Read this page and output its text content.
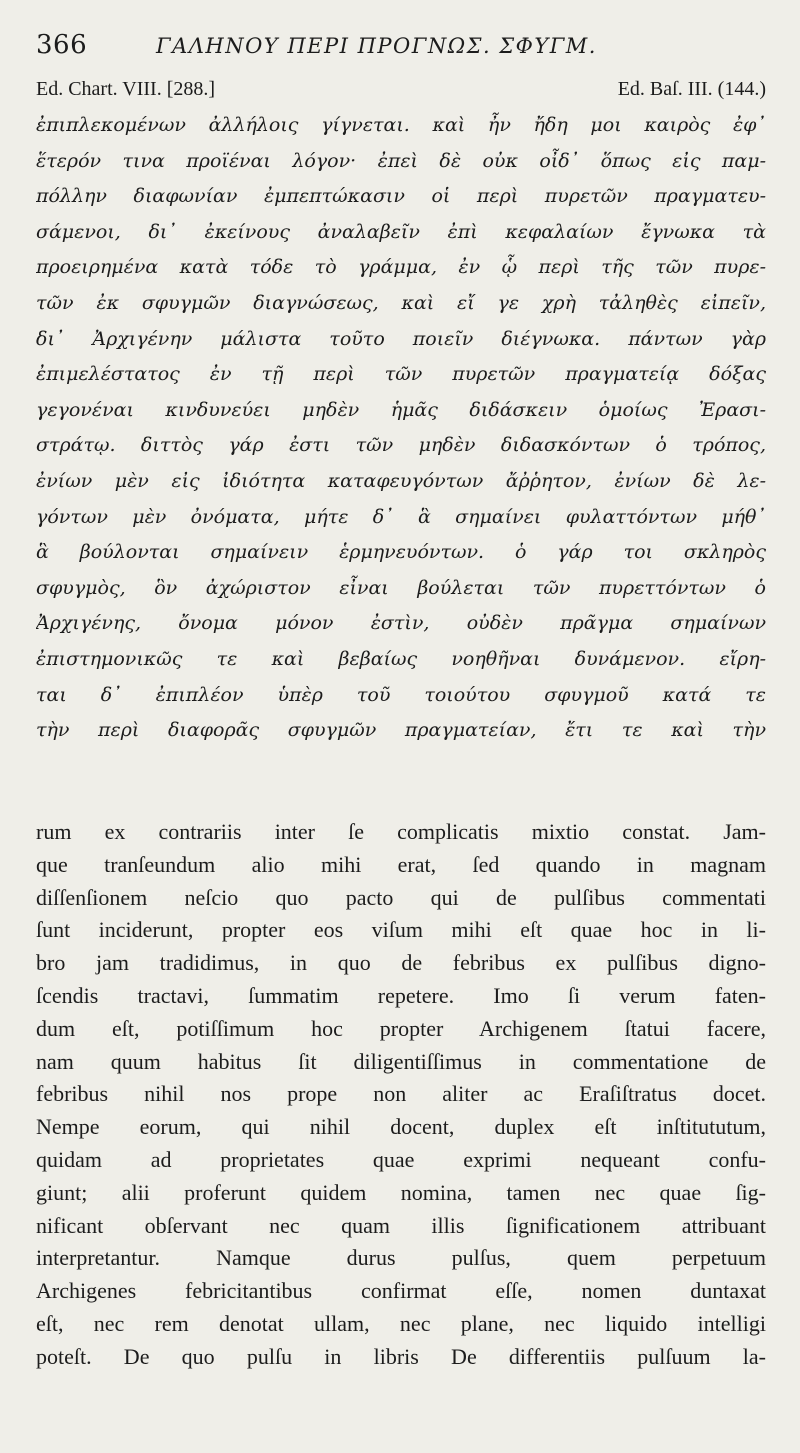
366	ΓΑΛΗΝΟΥ ΠΕΡΙ ΠΡΟΓΝΩΣ. ΣΦΥΓΜ.
Ed. Chart. VIII. [288.]	Ed. Baſ. III. (144.)
ἐπιπλεκομένων ἀλλήλοις γίγνεται. καὶ ἦν ἤδη μοι καιρὸς ἐφ᾿
ἕτερόν τινα προϊέναι λόγον· ἐπεὶ δὲ οὐκ οἶδ᾿ ὅπως εἰς παμ-
πόλλην διαφωνίαν ἐμπεπτώκασιν οἱ περὶ πυρετῶν πραγματευ-
σάμενοι, δι᾿ ἐκείνους ἀναλαβεῖν ἐπὶ κεφαλαίων ἔγνωκα τὰ
προειρημένα κατὰ τόδε τὸ γράμμα, ἐν ᾧ περὶ τῆς τῶν πυρε-
τῶν ἐκ σφυγμῶν διαγνώσεως, καὶ εἴ γε χρὴ τἀληθὲς εἰπεῖν,
δι᾿ Ἀρχιγένην μάλιστα τοῦτο ποιεῖν διέγνωκα. πάντων γὰρ
ἐπιμελέστατος ἐν τῇ περὶ τῶν πυρετῶν πραγματείᾳ δόξας
γεγονέναι κινδυνεύει μηδὲν ἡμᾶς διδάσκειν ὁμοίως Ἐρασι-
στράτῳ. διττὸς γάρ ἐστι τῶν μηδὲν διδασκόντων ὁ τρόπος,
ἐνίων μὲν εἰς ἰδιότητα καταφευγόντων ἄῤῥητον, ἐνίων δὲ λε-
γόντων μὲν ὀνόματα, μήτε δ᾿ ἃ σημαίνει φυλαττόντων μήθ᾿
ἃ βούλονται σημαίνειν ἑρμηνευόντων. ὁ γάρ τοι σκληρὸς
σφυγμὸς, ὃν ἀχώριστον εἶναι βούλεται τῶν πυρεττόντων ὁ
Ἀρχιγένης, ὄνομα μόνον ἐστὶν, οὐδὲν πρᾶγμα σημαίνων
ἐπιστημονικῶς τε καὶ βεβαίως νοηθῆναι δυνάμενον. εἴρη-
ται δ᾿ ἐπιπλέον ὑπὲρ τοῦ τοιούτου σφυγμοῦ κατά τε
τὴν περὶ διαφορᾶς σφυγμῶν πραγματείαν, ἔτι τε καὶ τὴν
rum ex contrariis inter ſe complicatis mixtio constat. Jam-
que tranſeundum alio mihi erat, ſed quando in magnam
diſſenſionem neſcio quo pacto qui de pulſibus commentati
ſunt inciderunt, propter eos viſum mihi eſt quae hoc in li-
bro jam tradidimus, in quo de febribus ex pulſibus digno-
ſcendis tractavi, ſummatim repetere. Imo ſi verum faten-
dum eſt, potiſſimum hoc propter Archigenem ſtatui facere,
nam quum habitus ſit diligentiſſimus in commentatione de
febribus nihil nos prope non aliter ac Eraſiſtratus docet.
Nempe eorum, qui nihil docent, duplex eſt inſtitututum,
quidam ad proprietates quae exprimi nequeant confu-
giunt; alii proferunt quidem nomina, tamen nec quae ſig-
nificant obſervant nec quam illis ſignificationem attribuant
interpretantur. Namque durus pulſus, quem perpetuum
Archigenes febricitantibus confirmat eſſe, nomen duntaxat
eſt, nec rem denotat ullam, nec plane, nec liquido intelligi
poteſt. De quo pulſu in libris De differentiis pulſuum la-
